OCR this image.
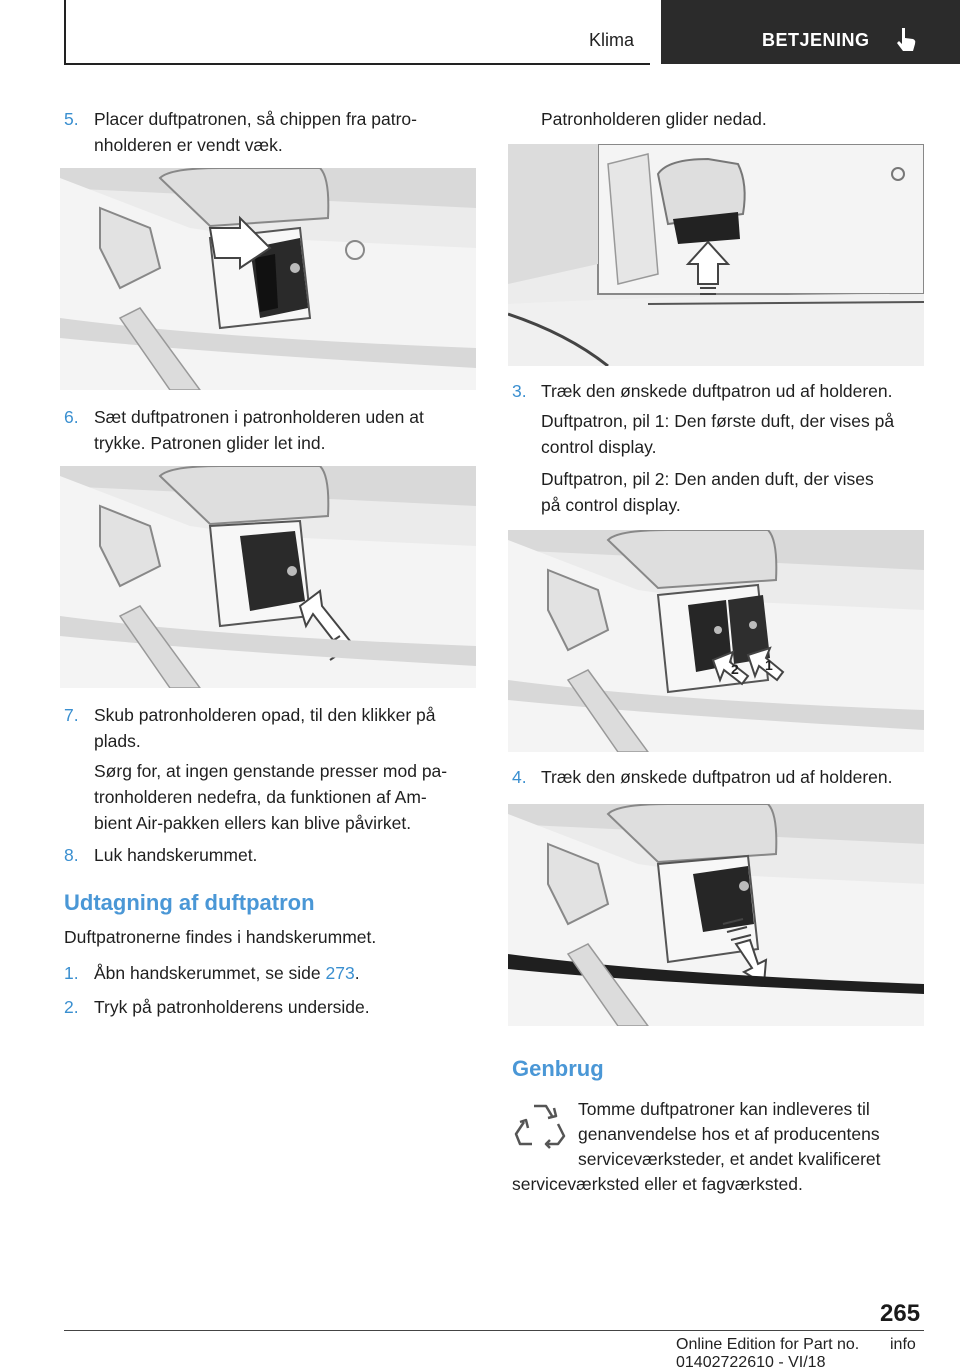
Klima	BETJENING
5. Placer duftpatronen, så chippen fra patro‐
nholderen er vendt væk.
6. Sæt duftpatronen i patronholderen uden at
trykke. Patronen glider let ind.
7. Skub patronholderen opad, til den klikker på
plads.
Sørg for, at ingen genstande presser mod pa‐
tronholderen nedefra, da funktionen af Am‐
bient Air-pakken ellers kan blive påvirket.
8. Luk handskerummet.
Udtagning af duftpatron
Duftpatronerne findes i handskerummet.
1. Åbn handskerummet, se side 273.
2. Tryk på patronholderens underside.
Patronholderen glider nedad.
3. Træk den ønskede duftpatron ud af holderen.
Duftpatron, pil 1: Den første duft, der vises på
control display.
Duftpatron, pil 2: Den anden duft, der vises
på control display.
2 1
4. Træk den ønskede duftpatron ud af holderen.
Genbrug
Tomme duftpatroner kan indleveres til
genanvendelse hos et af producentens
serviceværksteder, et andet kvalificeret
serviceværksted eller et fagværksted.
265
Online Edition for Part no. 01402722610 - VI/18
info
